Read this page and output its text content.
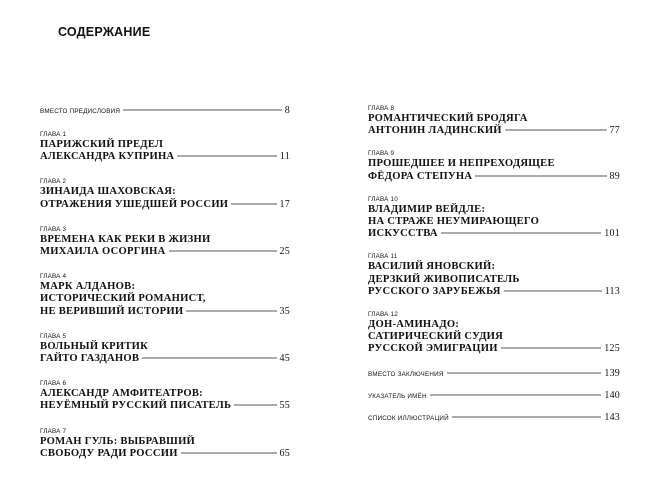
СОДЕРЖАНИЕ
ВМЕСТО ПРЕДИСЛОВИЯ	8
ГЛАВА 1
ПАРИЖСКИЙ ПРЕДЕЛ
АЛЕКСАНДРА КУПРИНА	11
ГЛАВА 2
ЗИНАИДА ШАХОВСКАЯ:
ОТРАЖЕНИЯ УШЕДШЕЙ РОССИИ	17
ГЛАВА 3
ВРЕМЕНА КАК РЕКИ В ЖИЗНИ
МИХАИЛА ОСОРГИНА	25
ГЛАВА 4
МАРК АЛДАНОВ:
ИСТОРИЧЕСКИЙ РОМАНИСТ,
НЕ ВЕРИВШИЙ ИСТОРИИ	35
ГЛАВА 5
ВОЛЬНЫЙ КРИТИК
ГАЙТО ГАЗДАНОВ	45
ГЛАВА 6
АЛЕКСАНДР АМФИТЕАТРОВ:
НЕУЁМНЫЙ РУССКИЙ ПИСАТЕЛЬ	55
ГЛАВА 7
РОМАН ГУЛЬ: ВЫБРАВШИЙ
СВОБОДУ РАДИ РОССИИ	65
ГЛАВА 8
РОМАНТИЧЕСКИЙ БРОДЯГА
АНТОНИН ЛАДИНСКИЙ	77
ГЛАВА 9
ПРОШЕДШЕЕ И НЕПРЕХОДЯЩЕЕ
ФЁДОРА СТЕПУНА	89
ГЛАВА 10
ВЛАДИМИР ВЕЙДЛЕ:
НА СТРАЖЕ НЕУМИРАЮЩЕГО
ИСКУССТВА	101
ГЛАВА 11
ВАСИЛИЙ ЯНОВСКИЙ:
ДЕРЗКИЙ ЖИВОПИСАТЕЛЬ
РУССКОГО ЗАРУБЕЖЬЯ	113
ГЛАВА 12
ДОН-АМИНАДО:
САТИРИЧЕСКИЙ СУДИЯ
РУССКОЙ ЭМИГРАЦИИ	125
ВМЕСТО ЗАКЛЮЧЕНИЯ	139
УКАЗАТЕЛЬ ИМЁН	140
СПИСОК ИЛЛЮСТРАЦИЙ	143
